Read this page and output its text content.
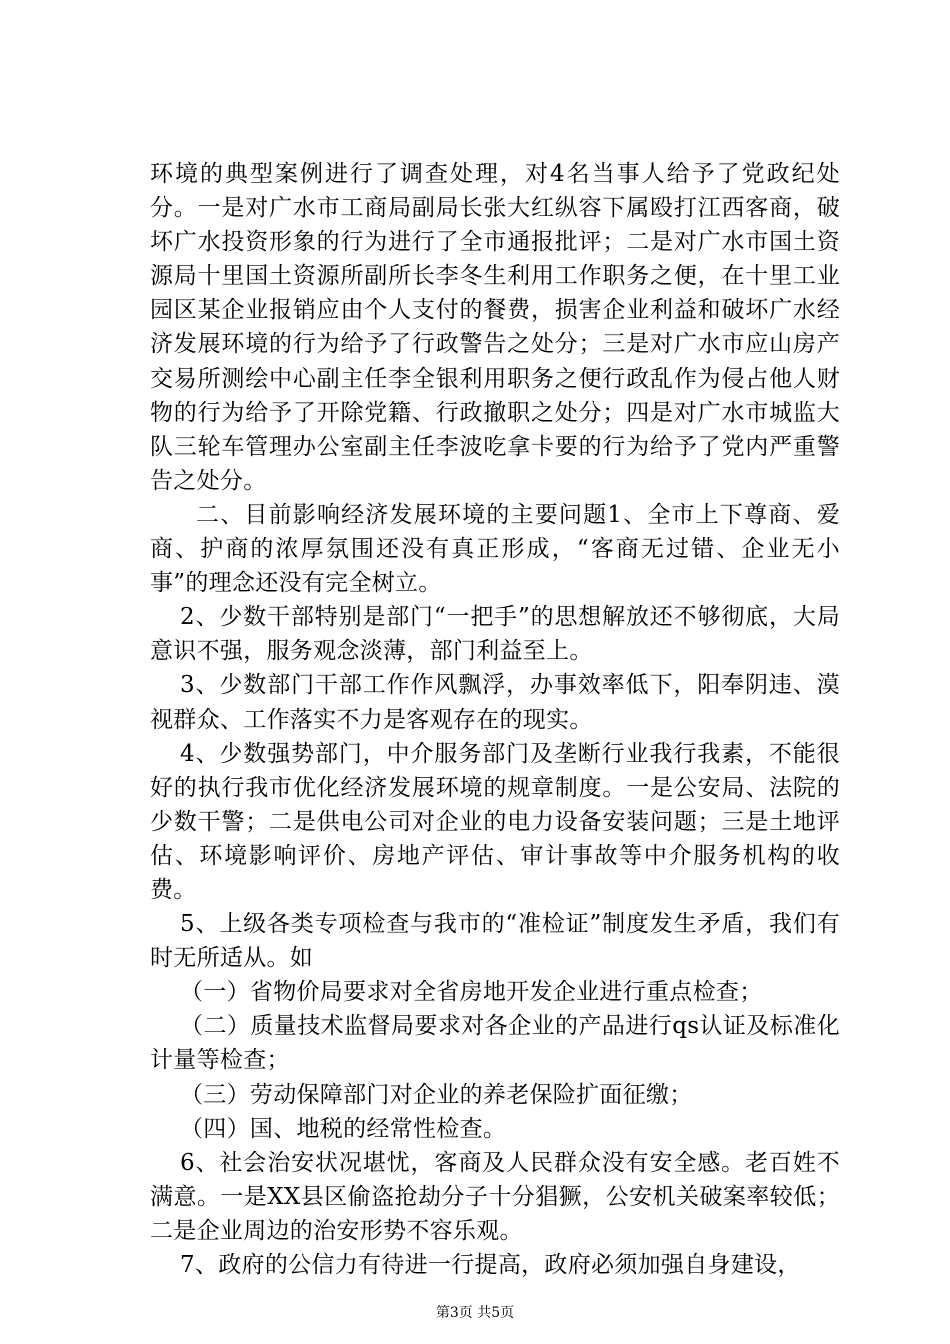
环境的典型案例进行了调查处理，对4名当事人给予了党政纪处分。一是对广水市工商局副局长张大红纵容下属殴打江西客商，破坏广水投资形象的行为进行了全市通报批评；二是对广水市国土资源局十里国土资源所副所长李冬生利用工作职务之便，在十里工业园区某企业报销应由个人支付的餐费，损害企业利益和破坏广水经济发展环境的行为给予了行政警告之处分；三是对广水市应山房产交易所测绘中心副主任李全银利用职务之便行政乱作为侵占他人财物的行为给予了开除党籍、行政撤职之处分；四是对广水市城监大队三轮车管理办公室副主任李波吃拿卡要的行为给予了党内严重警告之处分。

二、目前影响经济发展环境的主要问题1、全市上下尊商、爱商、护商的浓厚氛围还没有真正形成，“客商无过错、企业无小事”的理念还没有完全树立。

2、少数干部特别是部门“一把手”的思想解放还不够彻底，大局意识不强，服务观念淡薄，部门利益至上。

3、少数部门干部工作作风飘浮，办事效率低下，阳奉阴违、漠视群众、工作落实不力是客观存在的现实。

4、少数强势部门，中介服务部门及垄断行业我行我素，不能很好的执行我市优化经济发展环境的规章制度。一是公安局、法院的少数干警；二是供电公司对企业的电力设备安装问题；三是土地评估、环境影响评价、房地产评估、审计事故等中介服务机构的收费。

5、上级各类专项检查与我市的“准检证”制度发生矛盾，我们有时无所适从。如

（一）省物价局要求对全省房地开发企业进行重点检查；

（二）质量技术监督局要求对各企业的产品进行qs认证及标准化计量等检查；

（三）劳动保障部门对企业的养老保险扩面征缴；

（四）国、地税的经常性检查。

6、社会治安状况堪忧，客商及人民群众没有安全感。老百姓不满意。一是XX县区偷盗抢劫分子十分猖獗，公安机关破案率较低；二是企业周边的治安形势不容乐观。

7、政府的公信力有待进一行提高，政府必须加强自身建设，

第3页 共5页
